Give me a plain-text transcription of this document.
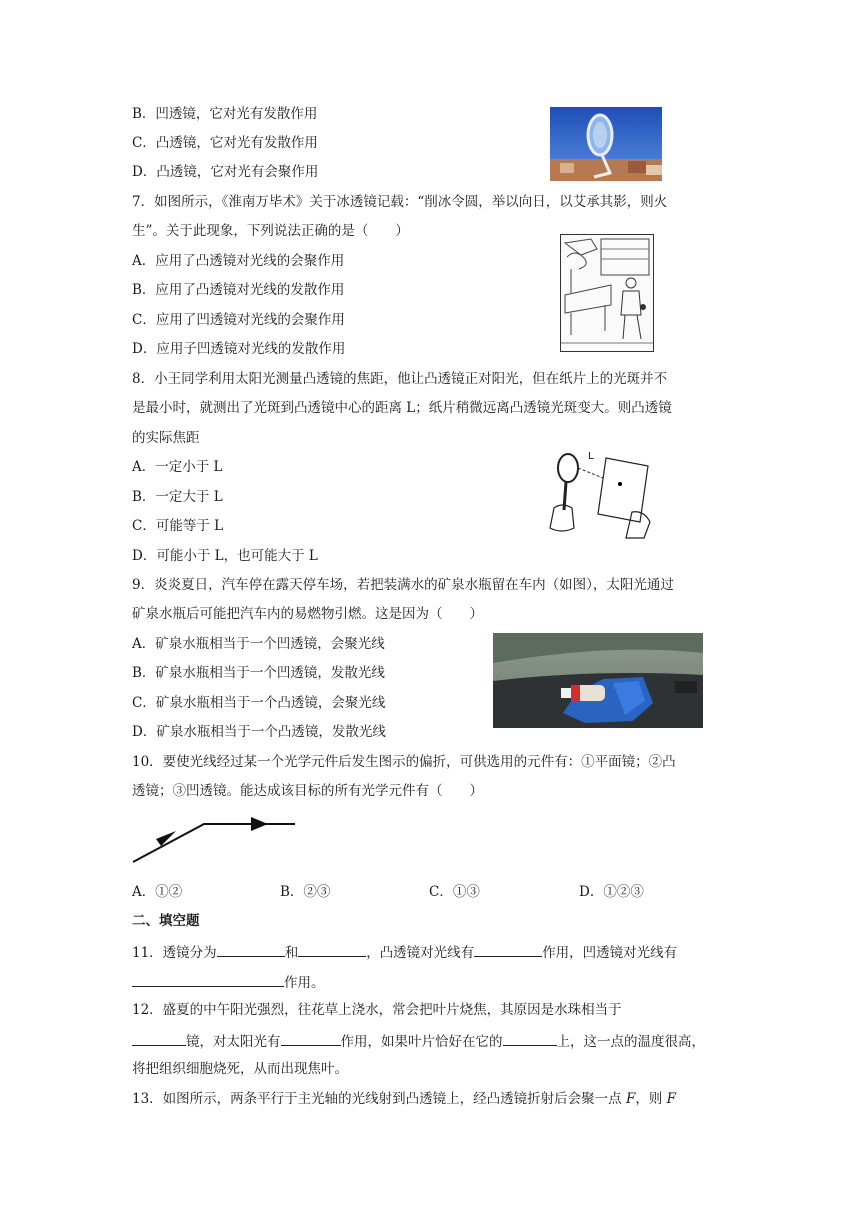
B．凹透镜，它对光有发散作用
C．凸透镜，它对光有发散作用
D．凸透镜，它对光有会聚作用
7．如图所示，《淮南万毕术》关于冰透镜记载：“削冰令圆，举以向日，以艾承其影，则火
生”。关于此现象，下列说法正确的是（　　）
A．应用了凸透镜对光线的会聚作用
B．应用了凸透镜对光线的发散作用
C．应用了凹透镜对光线的会聚作用
D．应用子凹透镜对光线的发散作用
8．小王同学利用太阳光测量凸透镜的焦距，他让凸透镜正对阳光，但在纸片上的光斑并不
是最小时，就测出了光斑到凸透镜中心的距离 L；纸片稍微远离凸透镜光斑变大。则凸透镜
的实际焦距
A．一定小于 L
B．一定大于 L
C．可能等于 L
D．可能小于 L，也可能大于 L
L
9．炎炎夏日，汽车停在露天停车场，若把装满水的矿泉水瓶留在车内（如图），太阳光通过
矿泉水瓶后可能把汽车内的易燃物引燃。这是因为（　　）
A．矿泉水瓶相当于一个凹透镜，会聚光线
B．矿泉水瓶相当于一个凹透镜，发散光线
C．矿泉水瓶相当于一个凸透镜，会聚光线
D．矿泉水瓶相当于一个凸透镜，发散光线
10．要使光线经过某一个光学元件后发生图示的偏折，可供选用的元件有：①平面镜；②凸
透镜；③凹透镜。能达成该目标的所有光学元件有（　　）
A．①②	B．②③	C．①③	D．①②③
二、填空题
11．透镜分为	和	，凸透镜对光线有	作用，凹透镜对光线有
作用。
12．盛夏的中午阳光强烈，往花草上浇水，常会把叶片烧焦，其原因是水珠相当于
镜，对太阳光有	作用，如果叶片恰好在它的	上，这一点的温度很高，
将把组织细胞烧死，从而出现焦叶。
13．如图所示，两条平行于主光轴的光线射到凸透镜上，经凸透镜折射后会聚一点 F，则 F
